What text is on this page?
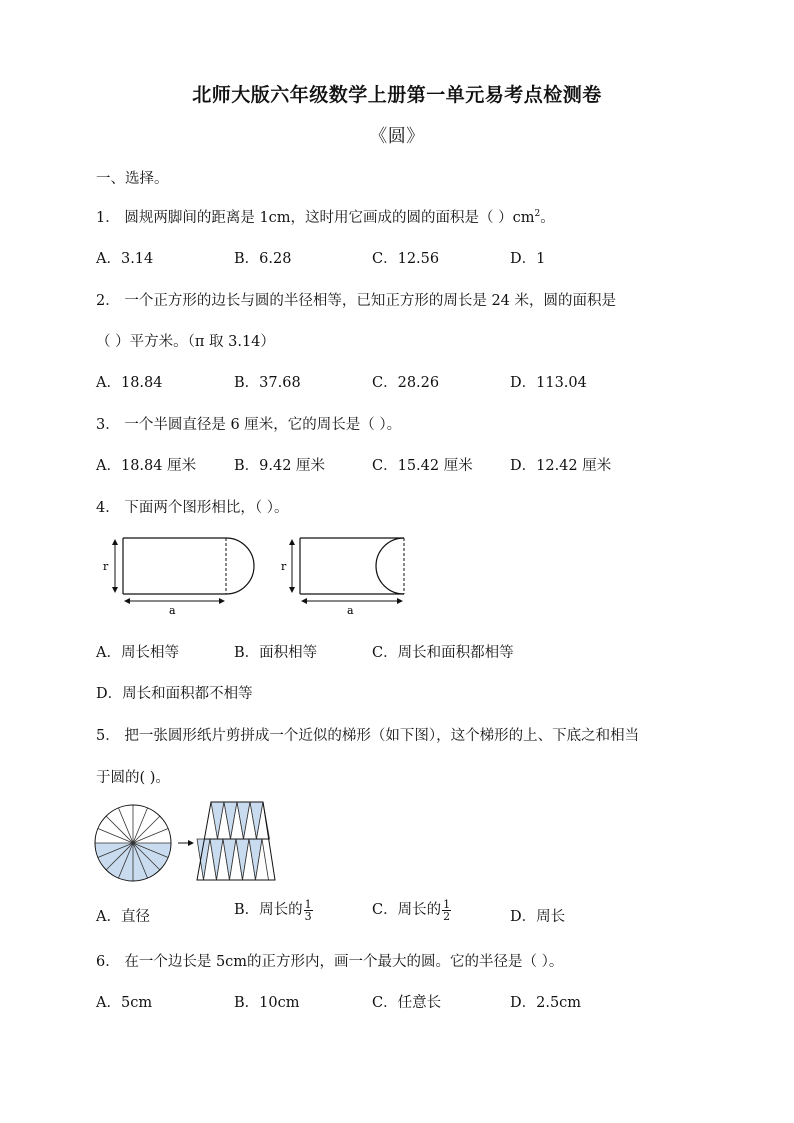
北师大版六年级数学上册第一单元易考点检测卷
《圆》
一、选择。
1． 圆规两脚间的距离是 1cm，这时用它画成的圆的面积是（ ）$cm^2$。
A．3.14	B．6.28	C．12.56	D．1
2． 一个正方形的边长与圆的半径相等，已知正方形的周长是 24 米，圆的面积是
（ ）平方米。（π 取 3.14）
A．18.84	B．37.68	C．28.26	D．113.04
3． 一个半圆直径是 6 厘米，它的周长是（ ）。
A．18.84 厘米	B．9.42 厘米	C．15.42 厘米	D．12.42 厘米
4． 下面两个图形相比，（ ）。
r
a
r
a
A．周长相等	B．面积相等	C．周长和面积都相等
D．周长和面积都不相等
5． 把一张圆形纸片剪拼成一个近似的梯形（如下图），这个梯形的上、下底之和相当
于圆的( )。
A．直径	B．周长的 $\frac{1}{3}$	C．周长的 $\frac{1}{2}$	D．周长
6． 在一个边长是 5cm的正方形内，画一个最大的圆。它的半径是（ ）。
A．5cm	B．10cm	C．任意长	D．2.5cm
